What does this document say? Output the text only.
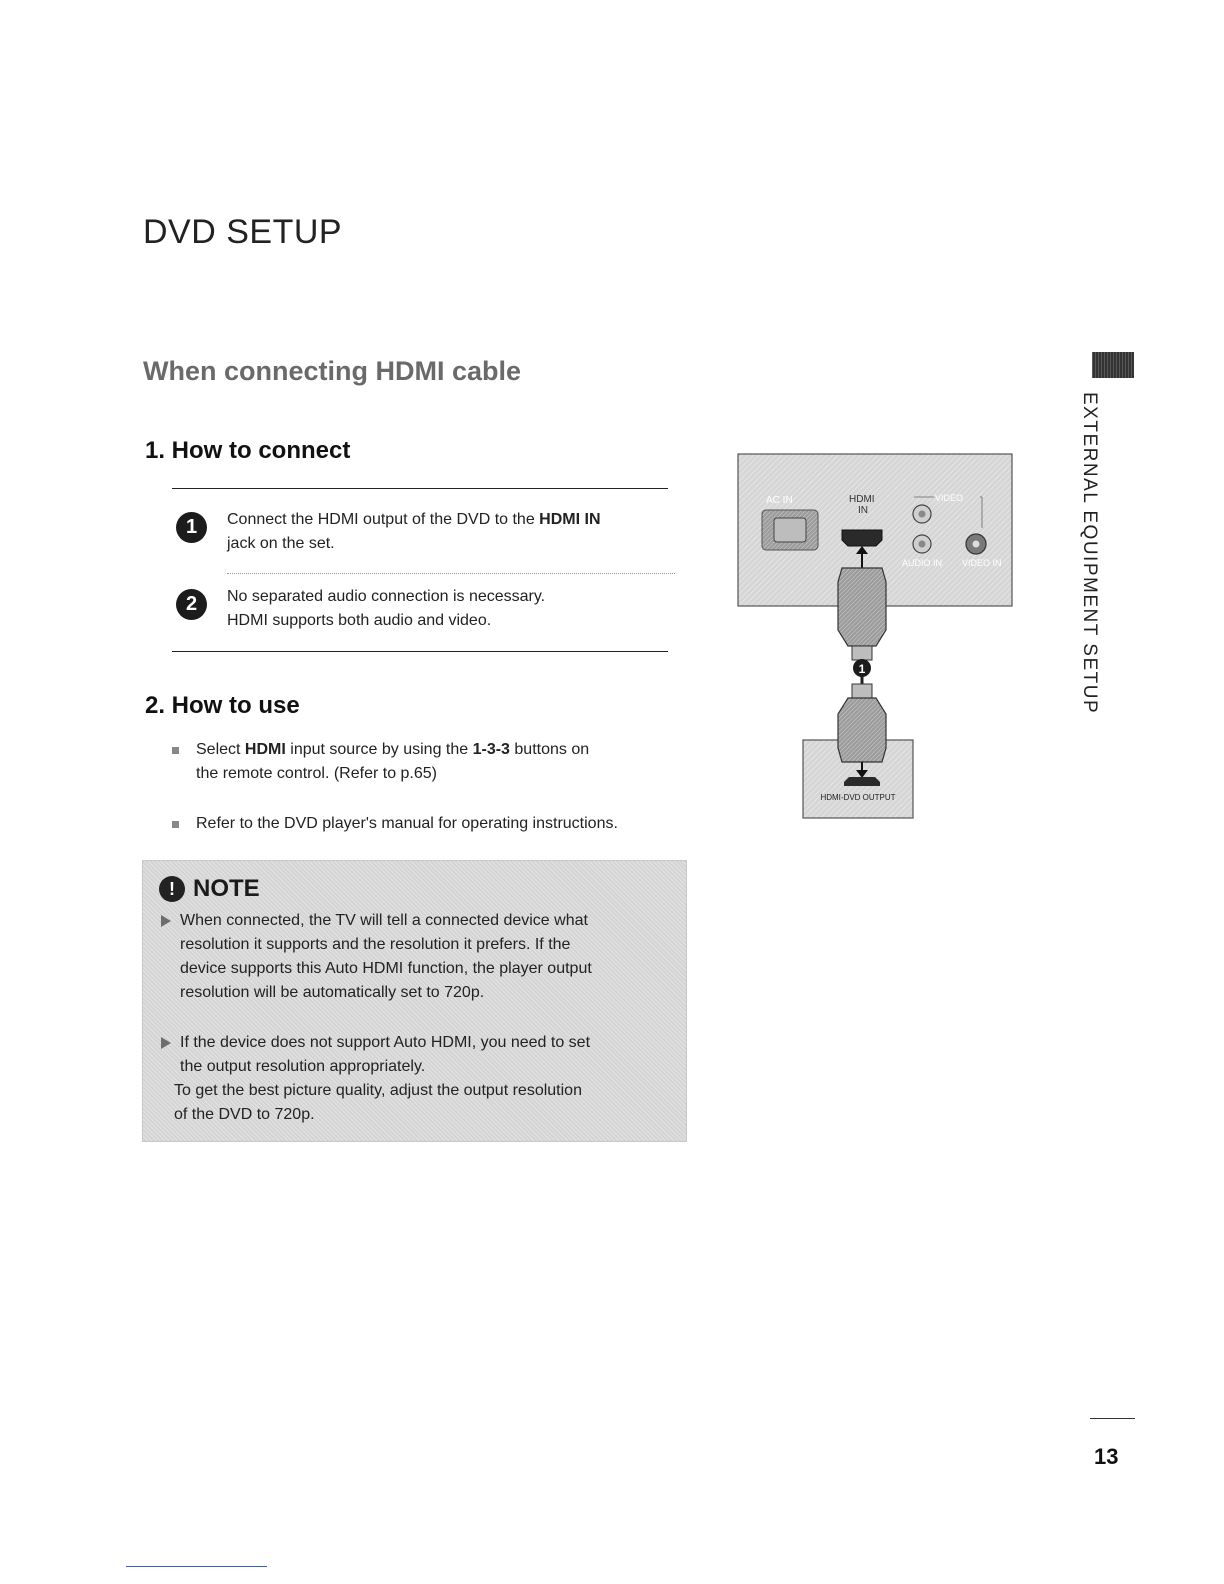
DVD SETUP
When connecting HDMI cable
1. How to connect
1	Connect the HDMI output of the DVD to the HDMI IN
jack on the set.
2	No separated audio connection is necessary.
HDMI supports both audio and video.
2. How to use
Select HDMI input source by using the 1-3-3 buttons on
the remote control. (Refer to p.65)
Refer to the DVD player's manual for operating instructions.
! NOTE
When connected, the TV will tell a connected device what
resolution it supports and the resolution it prefers. If the
device supports this Auto HDMI function, the player output
resolution will be automatically set to 720p.
If the device does not support Auto HDMI, you need to set
the output resolution appropriately.
To get the best picture quality, adjust the output resolution
of the DVD to 720p.
AC IN	HDMI
IN
VIDEO
AUDIO IN VIDEO IN
1
HDMI-DVD OUTPUT
EXTERNAL EQUIPMENT SETUP
13
